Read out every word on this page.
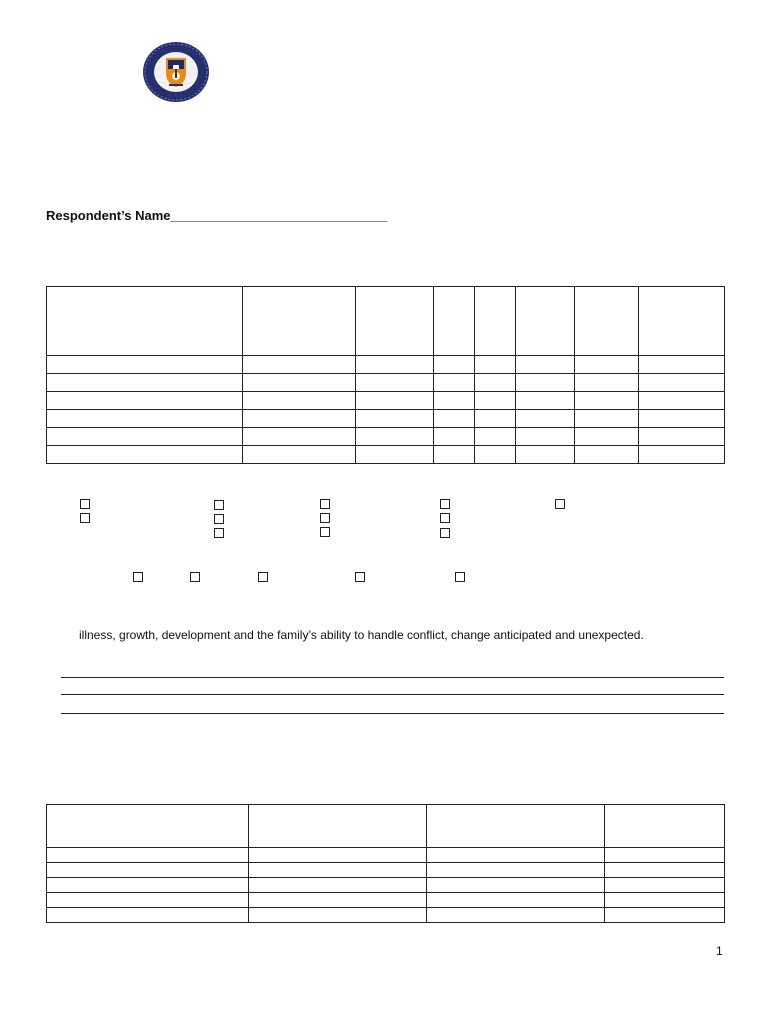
Respondent’s Name______________________________

illness, growth, development and the family’s ability to handle conflict, change anticipated and unexpected.

1
